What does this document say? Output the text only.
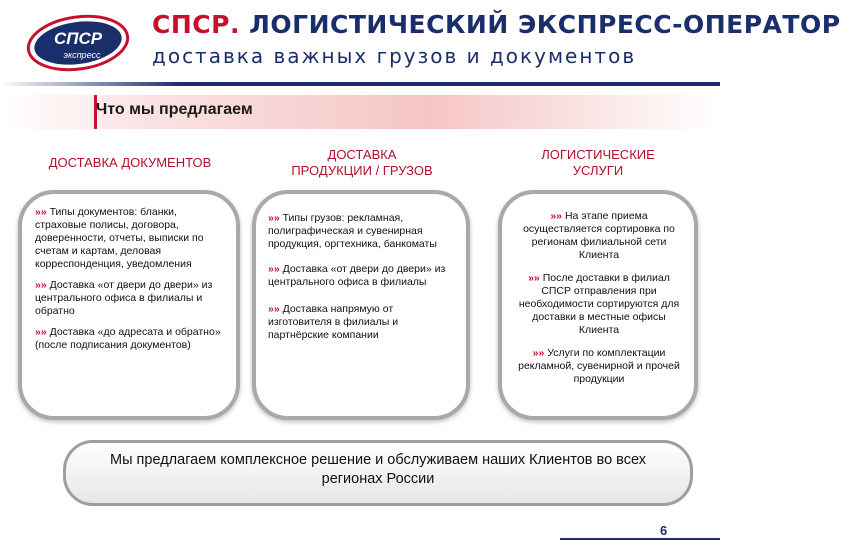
СПСР
экспресс
СПСР. ЛОГИСТИЧЕСКИЙ ЭКСПРЕСС-ОПЕРАТОР
доставка важных грузов и документов
Что мы предлагаем
ДОСТАВКА ДОКУМЕНТОВ
ДОСТАВКА ПРОДУКЦИИ / ГРУЗОВ
ЛОГИСТИЧЕСКИЕ УСЛУГИ

»» Типы документов: бланки, страховые полисы, договора, доверенности, отчеты, выписки по счетам и картам, деловая корреспонденция, уведомления

»» Доставка «от двери до двери» из центрального офиса в филиалы и обратно

»» Доставка «до адресата и обратно» (после подписания документов)

»» Типы грузов: рекламная, полиграфическая и сувенирная продукция, оргтехника, банкоматы

»» Доставка «от двери до двери» из центрального офиса в филиалы

»» Доставка напрямую от изготовителя в филиалы и партнёрские компании

»» На этапе приема осуществляется сортировка по регионам филиальной сети Клиента

»» После доставки в филиал СПСР отправления при необходимости сортируются для доставки в местные офисы Клиента

»» Услуги по комплектации рекламной, сувенирной и прочей продукции

Мы предлагаем комплексное решение и обслуживаем наших Клиентов во всех регионах России
6
